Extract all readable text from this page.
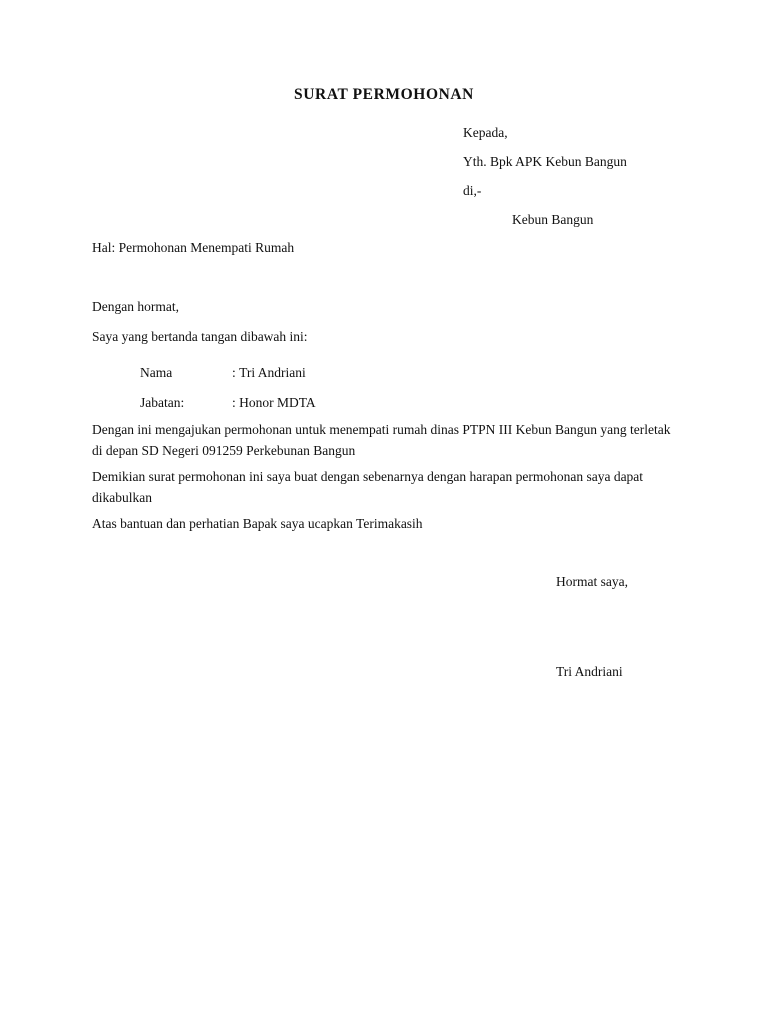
SURAT PERMOHONAN
Kepada,
Yth. Bpk APK Kebun Bangun
di,-
Kebun Bangun
Hal: Permohonan Menempati Rumah
Dengan hormat,
Saya yang bertanda tangan dibawah ini:
Nama	: Tri Andriani
Jabatan:	: Honor MDTA
Dengan ini mengajukan permohonan untuk menempati rumah dinas PTPN III Kebun Bangun yang terletak di depan SD Negeri 091259 Perkebunan Bangun
Demikian surat permohonan ini saya buat dengan sebenarnya dengan harapan permohonan saya dapat dikabulkan
Atas bantuan dan perhatian Bapak saya ucapkan Terimakasih
Hormat saya,
Tri Andriani
